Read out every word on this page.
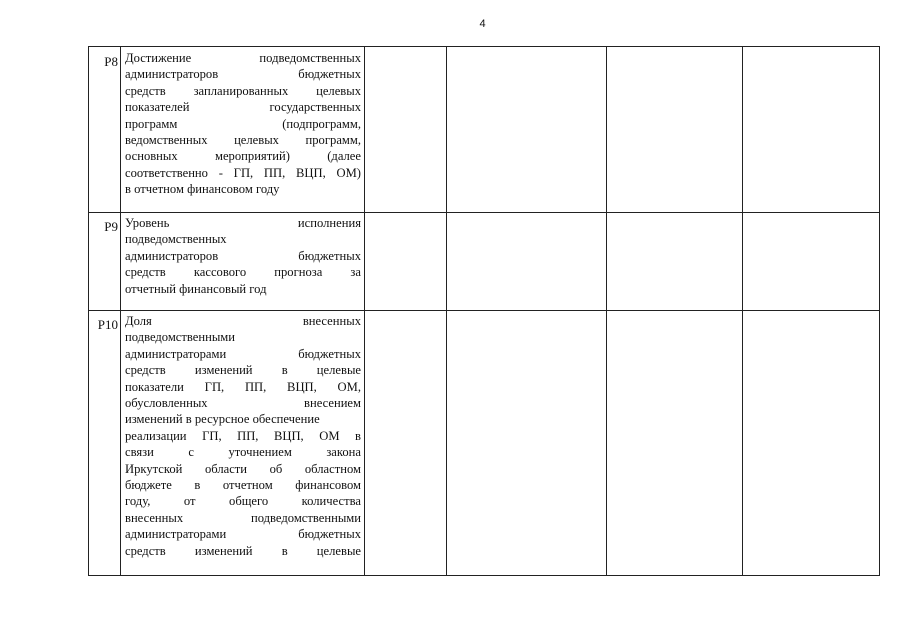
4
P8 Достижение подведомственных
администраторов бюджетных
средств запланированных целевых
показателей государственных
программ (подпрограмм,
ведомственных целевых программ,
основных мероприятий) (далее
соответственно - ГП, ПП, ВЦП, ОМ)
в отчетном финансовом году
P9 Уровень исполнения
подведомственных
администраторов бюджетных
средств кассового прогноза за
отчетный финансовый год
P10 Доля внесенных
подведомственными
администраторами бюджетных
средств изменений в целевые
показатели ГП, ПП, ВЦП, ОМ,
обусловленных внесением
изменений в ресурсное обеспечение
реализации ГП, ПП, ВЦП, ОМ в
связи с уточнением закона
Иркутской области об областном
бюджете в отчетном финансовом
году, от общего количества
внесенных подведомственными
администраторами бюджетных
средств изменений в целевые
